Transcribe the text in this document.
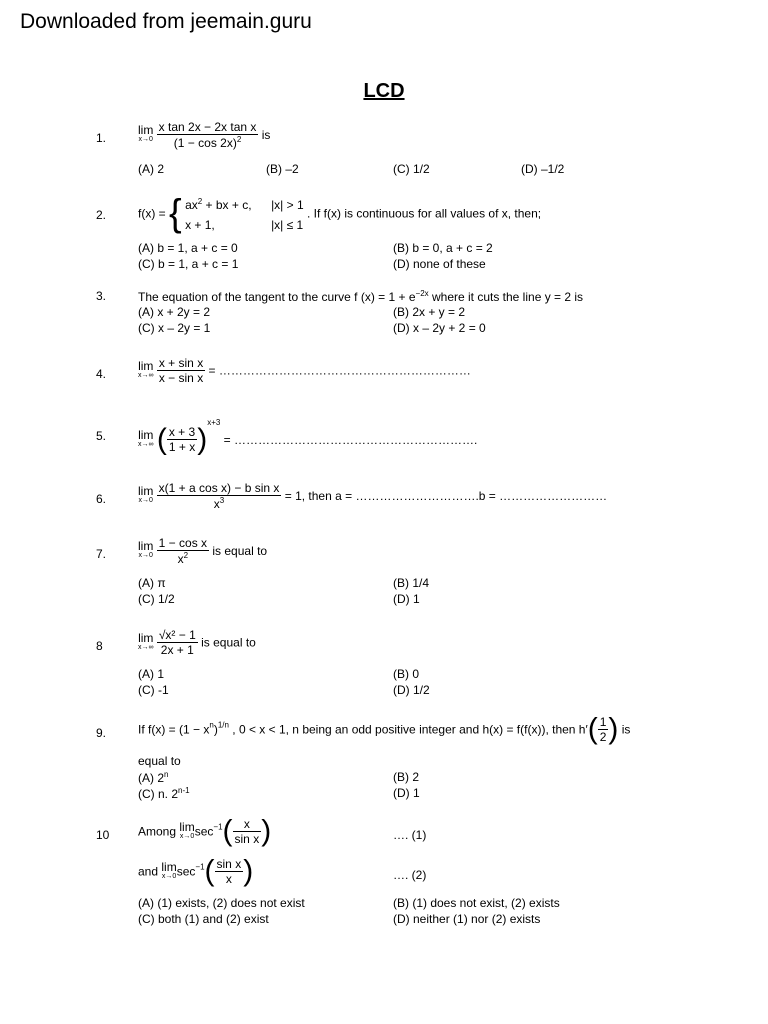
Downloaded from jeemain.guru
LCD
1.
lim
x→0
$\frac{\text{x tan 2x − 2x tan x}}{(1 - \cos 2x)^2}$ is
(A) 2	(B) –2	(C) 1/2	(D) –1/2
2.	f(x) = { $ax^2$ + bx + c, |x| > 1
x + 1,	|x| ≤ 1 . If f(x) is continuous for all values of x, then;
(A) b = 1, a + c = 0	(B) b = 0, a + c = 2
(C) b = 1, a + c = 1	(D) none of these
3.	The equation of the tangent to the curve f $(x) = 1 + e^{-2x}$ where it cuts the line y = 2 is
(A) x + 2y = 2	(B) 2x + y = 2
(C) x – 2y = 1	(D) x – 2y + 2 = 0
4.
lim
x→∞
$\frac{\text{x + sin x}}{\text{x − sin x}}$ = ………………………………………………………
5.	lim
x→∞ ( $\frac{x + 3}{1 + x} )^{x+3}$ = …………………………………………………….
6.
lim
x→0
$\frac{\text{x(1 + a cos x) − b sin x}}{x^3} = 1$, then a = ………………………….b = ………………………
7.
lim
x→0
$\frac{\text{1 − cos x}}{x^2}$ is equal to
(A) π	(B) 1/4
(C) 1/2	(D) 1
8
lim
x→∞
$\frac{\text{√x² − 1}}{2x + 1}$ is equal to
(A) 1	(B) 0
(C) -1	(D) 1/2
9.	If $f(x) = (1 - x^n)^{1/n}$ , 0 < x < 1, n being an odd positive integer and h(x) = f(f(x)), then $h'( \frac{1}{2}$ ) is
equal to
(A) 2$^n$	(B) 2
(C) n. 2$^{n-1}$	(D) 1
10 Among lim
x→0 $\sec^{-1}( \frac{x}{\text{sin x}}$ )	…. (1)
and lim
x→0 $\sec^{-1}( \frac{\text{sin x}}{x}$ )	…. (2)
(A) (1) exists, (2) does not exist	(B) (1) does not exist, (2) exists
(C) both (1) and (2) exist	(D) neither (1) nor (2) exists
